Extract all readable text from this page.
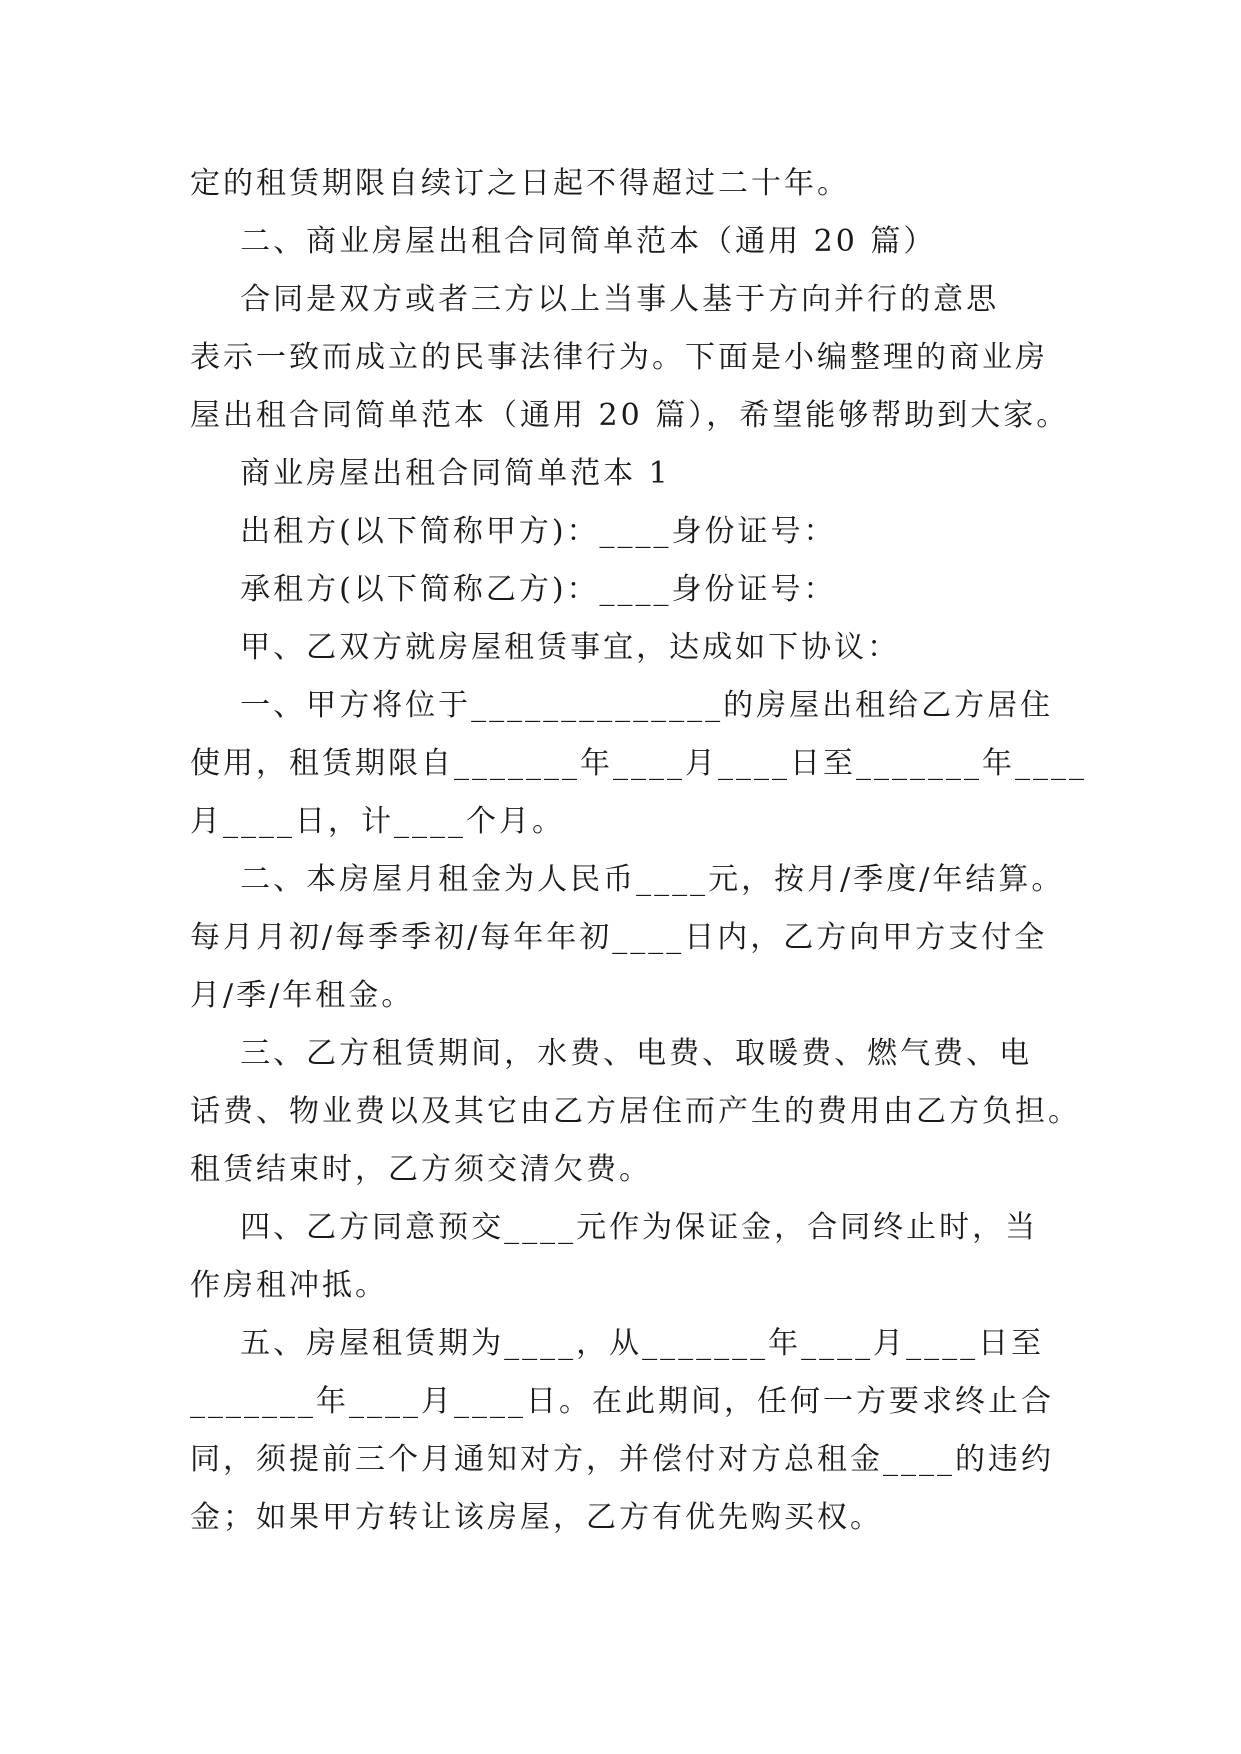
定的租赁期限自续订之日起不得超过二十年。

二、商业房屋出租合同简单范本（通用 20 篇）

合同是双方或者三方以上当事人基于方向并行的意思

表示一致而成立的民事法律行为。下面是小编整理的商业房

屋出租合同简单范本（通用 20 篇），希望能够帮助到大家。

商业房屋出租合同简单范本 1

出租方(以下简称甲方)：____身份证号：

承租方(以下简称乙方)：____身份证号：

甲、乙双方就房屋租赁事宜，达成如下协议：

一、甲方将位于______________的房屋出租给乙方居住

使用，租赁期限自_______年____月____日至_______年____

月____日，计____个月。

二、本房屋月租金为人民币____元，按月/季度/年结算。

每月月初/每季季初/每年年初____日内，乙方向甲方支付全

月/季/年租金。

三、乙方租赁期间，水费、电费、取暖费、燃气费、电

话费、物业费以及其它由乙方居住而产生的费用由乙方负担。

租赁结束时，乙方须交清欠费。

四、乙方同意预交____元作为保证金，合同终止时，当

作房租冲抵。

五、房屋租赁期为____，从_______年____月____日至

_______年____月____日。在此期间，任何一方要求终止合

同，须提前三个月通知对方，并偿付对方总租金____的违约

金；如果甲方转让该房屋，乙方有优先购买权。
